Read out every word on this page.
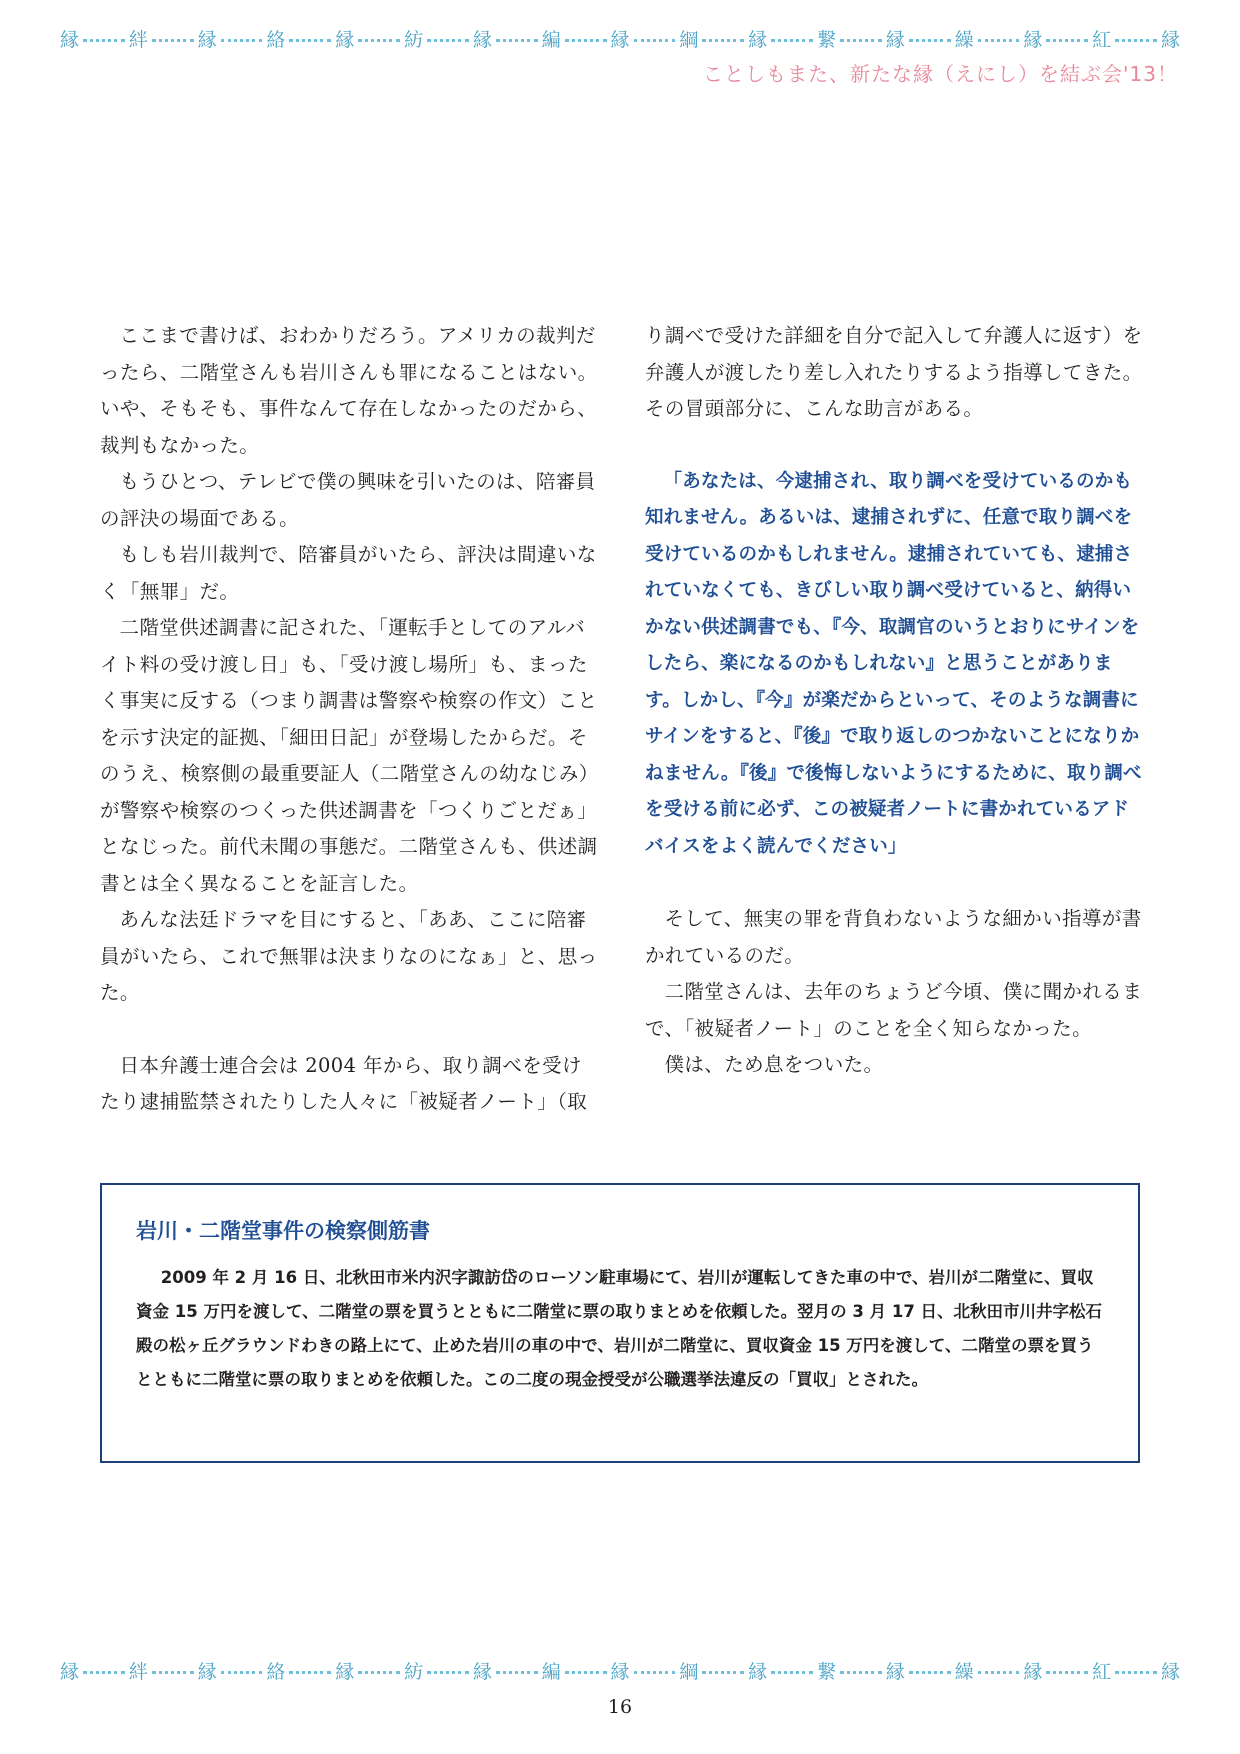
縁	絆	縁	絡	縁	紡	縁	編	縁	綱	縁	繋	縁	繰	縁	紅	縁
ことしもまた、新たな縁（えにし）を結ぶ会'13！

ここまで書けば、おわかりだろう。アメリカの裁判だったら、二階堂さんも岩川さんも罪になることはない。　いや、そもそも、事件なんて存在しなかったのだから、裁判もなかった。

もうひとつ、テレビで僕の興味を引いたのは、陪審員の評決の場面である。

もしも岩川裁判で、陪審員がいたら、評決は間違いなく「無罪」だ。

二階堂供述調書に記された、「運転手としてのアルバイト料の受け渡し日」も、「受け渡し場所」も、まったく事実に反する（つまり調書は警察や検察の作文）ことを示す決定的証拠、「細田日記」が登場したからだ。そのうえ、検察側の最重要証人（二階堂さんの幼なじみ）が警察や検察のつくった供述調書を「つくりごとだぁ」となじった。前代未聞の事態だ。二階堂さんも、供述調書とは全く異なることを証言した。

あんな法廷ドラマを目にすると、「ああ、ここに陪審員がいたら、これで無罪は決まりなのになぁ」と、思った。

日本弁護士連合会は 2004 年から、取り調べを受けたり逮捕監禁されたりした人々に「被疑者ノート」（取

り調べで受けた詳細を自分で記入して弁護人に返す）を弁護人が渡したり差し入れたりするよう指導してきた。その冒頭部分に、こんな助言がある。

「あなたは、今逮捕され、取り調べを受けているのかも知れません。あるいは、逮捕されずに、任意で取り調べを受けているのかもしれません。逮捕されていても、逮捕されていなくても、きびしい取り調べ受けていると、納得いかない供述調書でも、『今、取調官のいうとおりにサインをしたら、楽になるのかもしれない』と思うことがあります。しかし、『今』が楽だからといって、そのような調書にサインをすると、『後』で取り返しのつかないことになりかねません。『後』で後悔しないようにするために、取り調べを受ける前に必ず、この被疑者ノートに書かれているアドバイスをよく読んでください」

そして、無実の罪を背負わないような細かい指導が書かれているのだ。

二階堂さんは、去年のちょうど今頃、僕に聞かれるまで、「被疑者ノート」のことを全く知らなかった。

僕は、ため息をついた。

岩川・二階堂事件の検察側筋書

2009 年 2 月 16 日、北秋田市米内沢字諏訪岱のローソン駐車場にて、岩川が運転してきた車の中で、岩川が二階堂に、買収資金 15 万円を渡して、二階堂の票を買うとともに二階堂に票の取りまとめを依頼した。翌月の 3 月 17 日、北秋田市川井字松石殿の松ヶ丘グラウンドわきの路上にて、止めた岩川の車の中で、岩川が二階堂に、買収資金 15 万円を渡して、二階堂の票を買うとともに二階堂に票の取りまとめを依頼した。この二度の現金授受が公職選挙法違反の「買収」とされた。

縁	絆	縁	絡	縁	紡	縁	編	縁	綱	縁	繋	縁	繰	縁	紅	縁
16
